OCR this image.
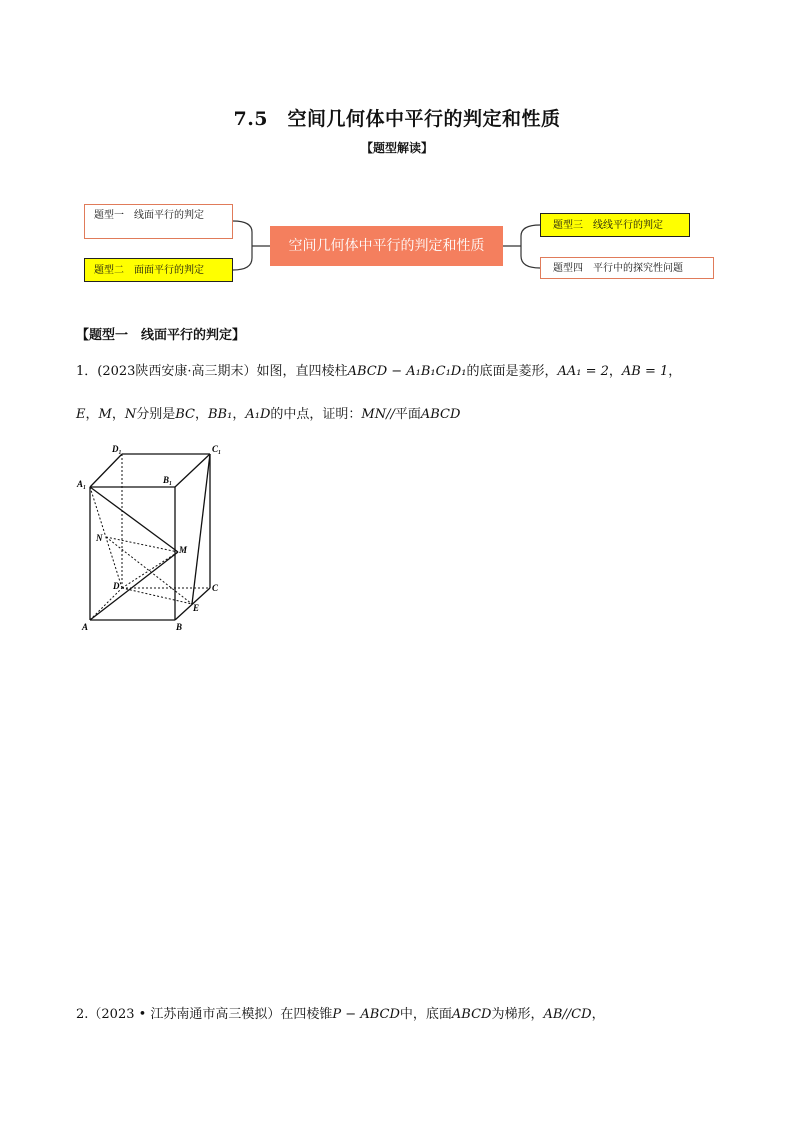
7.5　空间几何体中平行的判定和性质
【题型解读】
题型一　线面平行的判定
题型二　面面平行的判定
空间几何体中平行的判定和性质
题型三　线线平行的判定
题型四　平行中的探究性问题
【题型一　线面平行的判定】
1．(2023陕西安康·高三期末）如图，直四棱柱ABCD − A₁B₁C₁D₁的底面是菱形，AA₁ = 2，AB = 1，
E，M，N分别是BC，BB₁，A₁D的中点，证明：MN//平面ABCD
D₁	C₁
A₁	B₁
N
M
D	C
E
A	B
2.（2023 • 江苏南通市高三模拟）在四棱锥P − ABCD中，底面ABCD为梯形，AB//CD，
